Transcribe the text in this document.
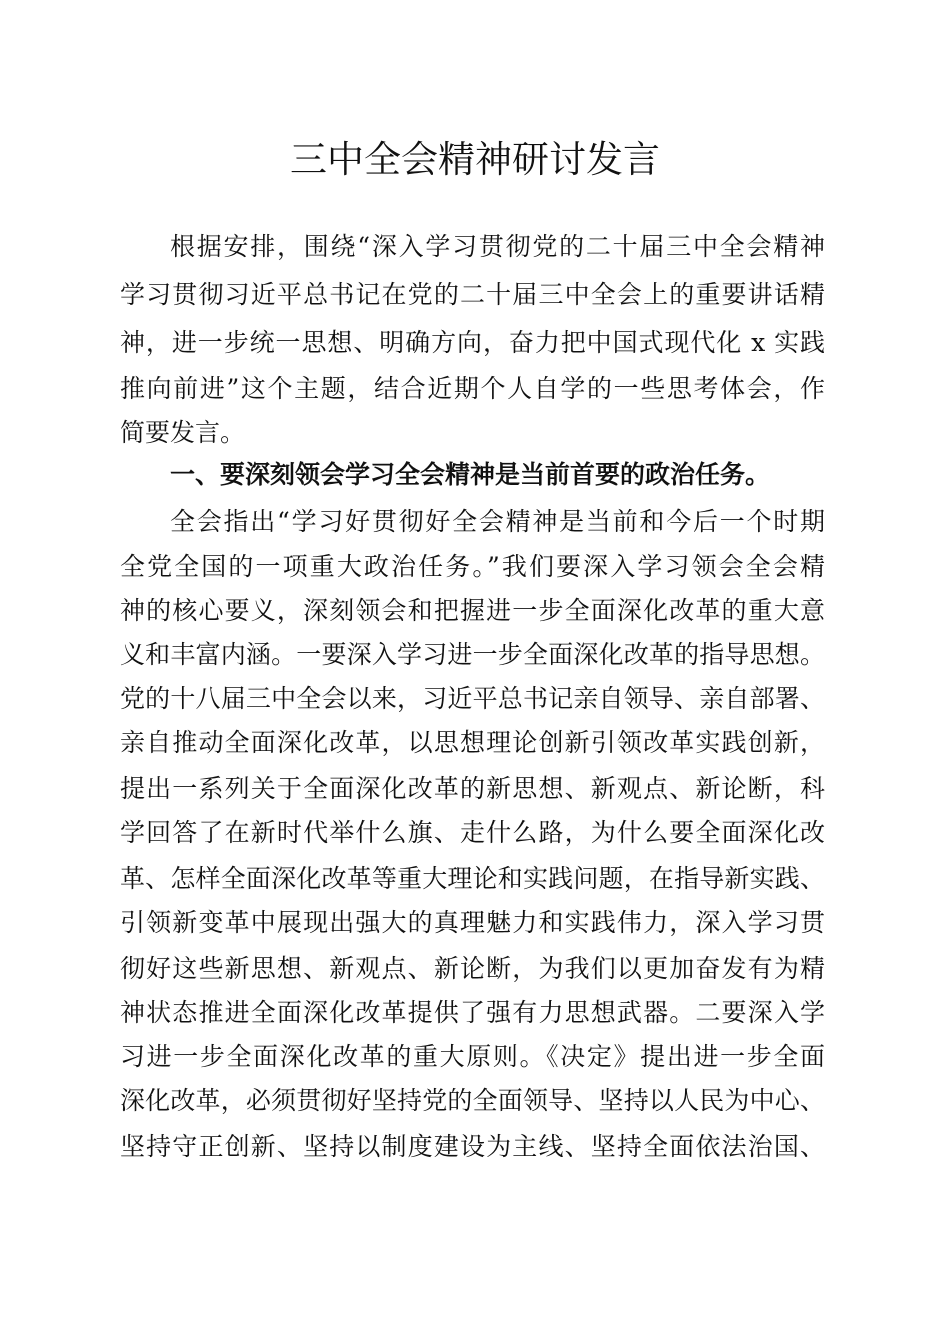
三中全会精神研讨发言

根据安排，围绕“深入学习贯彻党的二十届三中全会精神

学习贯彻习近平总书记在党的二十届三中全会上的重要讲话精

神，进一步统一思想、明确方向，奋力把中国式现代化 x 实践

推向前进”这个主题，结合近期个人自学的一些思考体会，作

简要发言。

一、要深刻领会学习全会精神是当前首要的政治任务。

全会指出“学习好贯彻好全会精神是当前和今后一个时期

全党全国的一项重大政治任务。”我们要深入学习领会全会精

神的核心要义，深刻领会和把握进一步全面深化改革的重大意

义和丰富内涵。一要深入学习进一步全面深化改革的指导思想。

党的十八届三中全会以来，习近平总书记亲自领导、亲自部署、

亲自推动全面深化改革，以思想理论创新引领改革实践创新，

提出一系列关于全面深化改革的新思想、新观点、新论断，科

学回答了在新时代举什么旗、走什么路，为什么要全面深化改

革、怎样全面深化改革等重大理论和实践问题，在指导新实践、

引领新变革中展现出强大的真理魅力和实践伟力，深入学习贯

彻好这些新思想、新观点、新论断，为我们以更加奋发有为精

神状态推进全面深化改革提供了强有力思想武器。二要深入学

习进一步全面深化改革的重大原则。《决定》提出进一步全面

深化改革，必须贯彻好坚持党的全面领导、坚持以人民为中心、

坚持守正创新、坚持以制度建设为主线、坚持全面依法治国、
